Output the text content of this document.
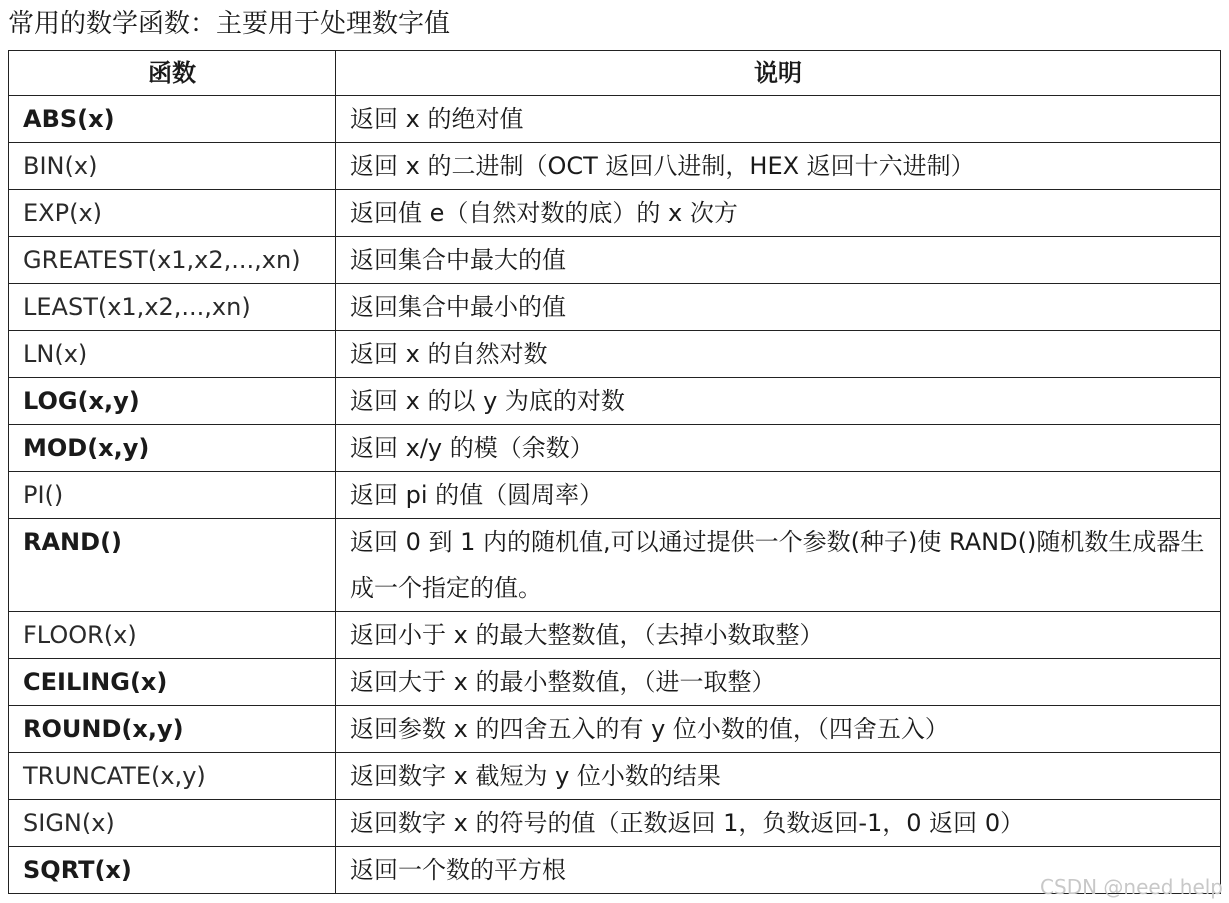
常用的数学函数：主要用于处理数字值
函数	说明
ABS(x)	返回 x 的绝对值
BIN(x)	返回 x 的二进制（OCT 返回八进制，HEX 返回十六进制）
EXP(x)	返回值 e（自然对数的底）的 x 次方
GREATEST(x1,x2,...,xn)	返回集合中最大的值
LEAST(x1,x2,...,xn)	返回集合中最小的值
LN(x)	返回 x 的自然对数
LOG(x,y)	返回 x 的以 y 为底的对数
MOD(x,y)	返回 x/y 的模（余数）
PI()	返回 pi 的值（圆周率）
RAND()	返回 0 到 1 内的随机值,可以通过提供一个参数(种子)使 RAND()随机数生成器生成一个指定的值。
FLOOR(x)	返回小于 x 的最大整数值，（去掉小数取整）
CEILING(x)	返回大于 x 的最小整数值，（进一取整）
ROUND(x,y)	返回参数 x 的四舍五入的有 y 位小数的值，（四舍五入）
TRUNCATE(x,y)	返回数字 x 截短为 y 位小数的结果
SIGN(x)	返回数字 x 的符号的值（正数返回 1，负数返回-1，0 返回 0）
SQRT(x)	返回一个数的平方根
CSDN @need help
